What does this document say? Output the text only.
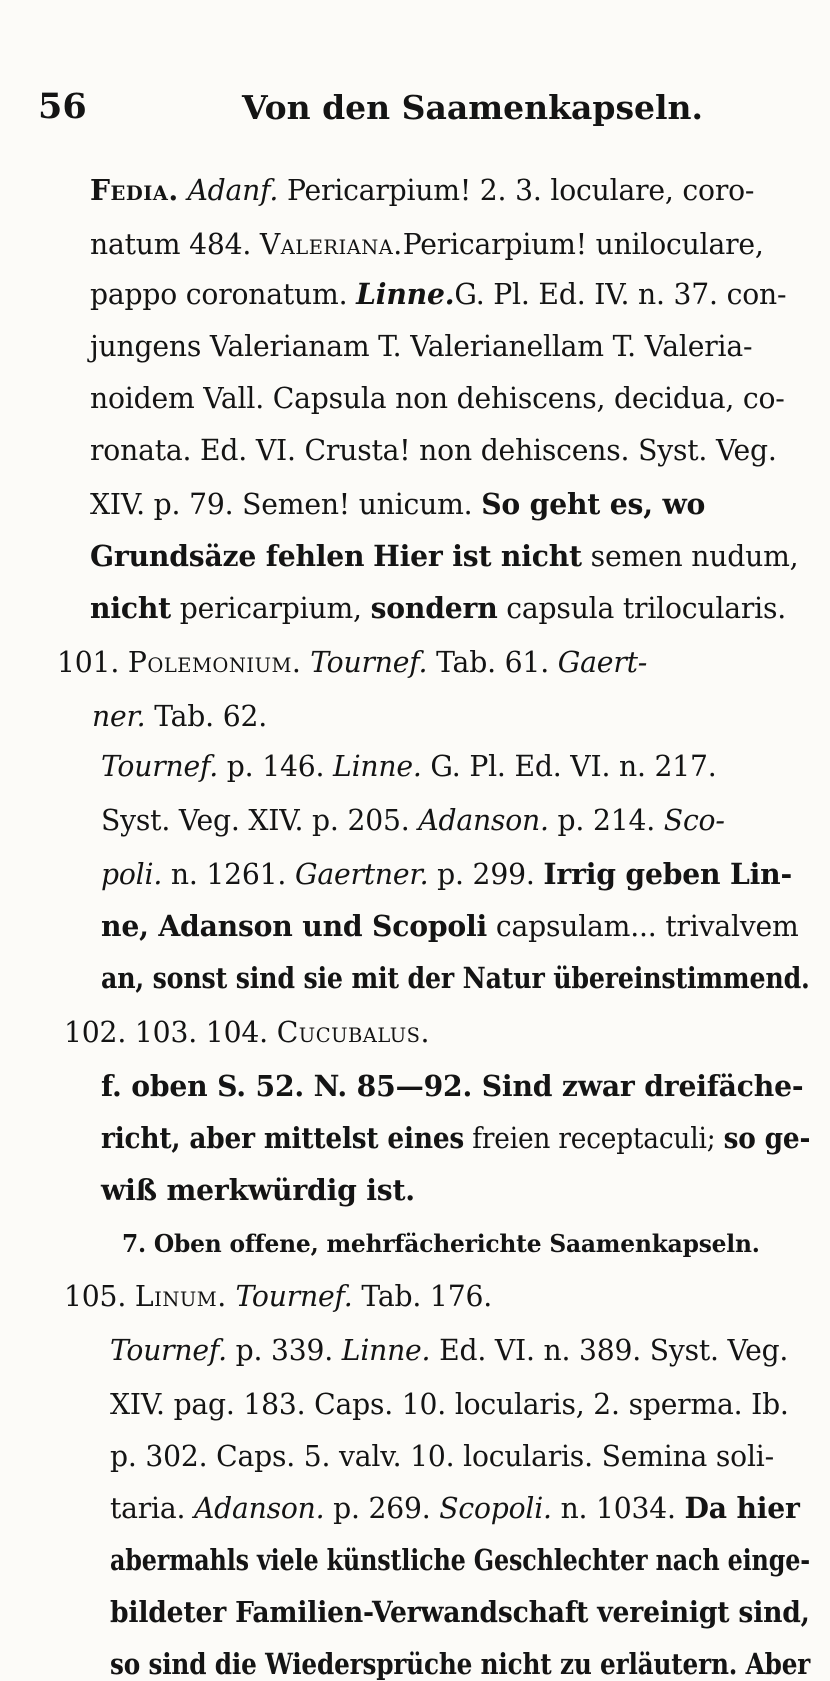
56	Von den Saamenkapseln.
Fedia. Adanf. Pericarpium! 2. 3. loculare, coro-
natum 484. Valeriana.Pericarpium! uniloculare,
pappo coronatum. Linne.G. Pl. Ed. IV. n. 37. con-
jungens Valerianam T. Valerianellam T. Valeria-
noidem Vall. Capsula non dehiscens, decidua, co-
ronata. Ed. VI. Crusta! non dehiscens. Syst. Veg.
XIV. p. 79. Semen! unicum. So geht es, wo
Grundsäze fehlen Hier ist nicht semen nudum,
nicht pericarpium, sondern capsula trilocularis.
101. Polemonium. Tournef. Tab. 61. Gaert-
ner. Tab. 62.
Tournef. p. 146. Linne. G. Pl. Ed. VI. n. 217.
Syst. Veg. XIV. p. 205. Adanson. p. 214. Sco-
poli. n. 1261. Gaertner. p. 299. Irrig geben Lin-
ne, Adanson und Scopoli capsulam... trivalvem
an, sonst sind sie mit der Natur übereinstimmend.
102. 103. 104. Cucubalus.
f. oben S. 52. N. 85—92. Sind zwar dreifäche-
richt, aber mittelst eines freien receptaculi; so ge-
wiß merkwürdig ist.
7. Oben offene, mehrfächerichte Saamenkapseln.
105. Linum. Tournef. Tab. 176.
Tournef. p. 339. Linne. Ed. VI. n. 389. Syst. Veg.
XIV. pag. 183. Caps. 10. locularis, 2. sperma. Ib.
p. 302. Caps. 5. valv. 10. locularis. Semina soli-
taria. Adanson. p. 269. Scopoli. n. 1034. Da hier
abermahls viele künstliche Geschlechter nach einge-
bildeter Familien-Verwandschaft vereinigt sind,
so sind die Wiedersprüche nicht zu erläutern. Aber
